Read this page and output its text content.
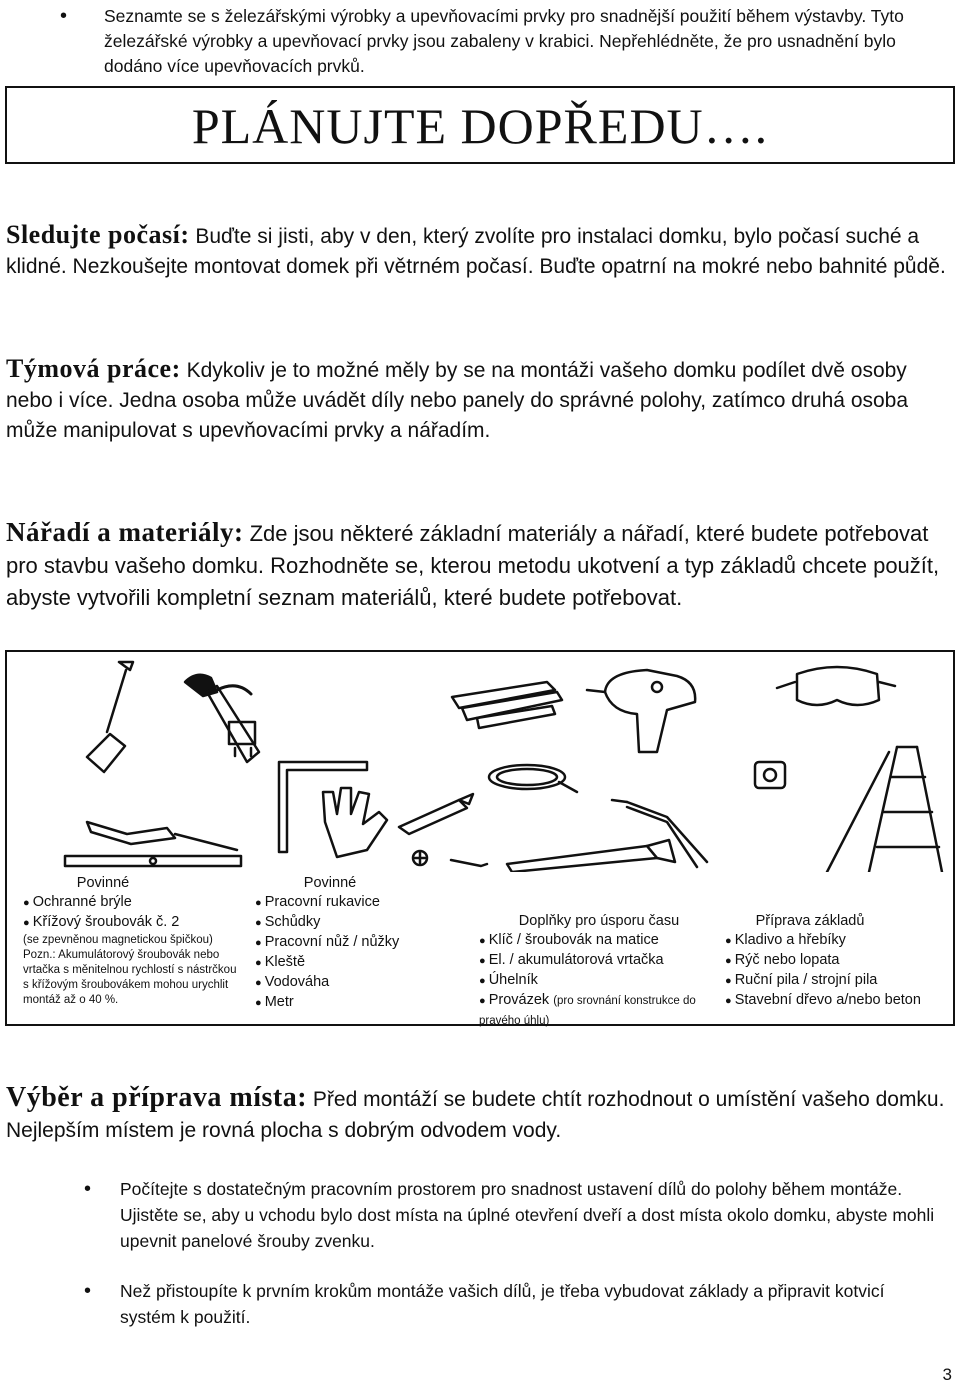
• Seznamte se s železářskými výrobky a upevňovacími prvky pro snadnější použití během výstavby. Tyto železářské výrobky a upevňovací prvky jsou zabaleny v krabici. Nepřehlédněte, že pro usnadnění bylo dodáno více upevňovacích prvků.
PLÁNUJTE DOPŘEDU….
Sledujte počasí: Buďte si jisti, aby v den, který zvolíte pro instalaci domku, bylo počasí suché a klidné. Nezkoušejte montovat domek při větrném počasí. Buďte opatrní na mokré nebo bahnité půdě.
Týmová práce: Kdykoliv je to možné měly by se na montáži vašeho domku podílet dvě osoby nebo i více. Jedna osoba může uvádět díly nebo panely do správné polohy, zatímco druhá osoba může manipulovat s upevňovacími prvky a nářadím.
Nářadí a materiály: Zde jsou některé základní materiály a nářadí, které budete potřebovat pro stavbu vašeho domku. Rozhodněte se, kterou metodu ukotvení a typ základů chcete použít, abyste vytvořili kompletní seznam materiálů, které budete potřebovat.
Povinné
● Ochranné brýle
● Křížový šroubovák č. 2
(se zpevněnou magnetickou špičkou)
Pozn.: Akumulátorový šroubovák nebo vrtačka s měnitelnou rychlostí s nástrčkou s křížovým šroubovákem mohou urychlit montáž až o 40 %.
Povinné
● Pracovní rukavice
● Schůdky
● Pracovní nůž / nůžky
● Kleště
● Vodováha
● Metr
Doplňky pro úsporu času
● Klíč / šroubovák na matice
● El. / akumulátorová vrtačka
● Úhelník
● Provázek (pro srovnání konstrukce do pravého úhlu)
Příprava základů
● Kladivo a hřebíky
● Rýč nebo lopata
● Ruční pila / strojní pila
● Stavební dřevo a/nebo beton
Výběr a příprava místa: Před montáží se budete chtít rozhodnout o umístění vašeho domku. Nejlepším místem je rovná plocha s dobrým odvodem vody.
• Počítejte s dostatečným pracovním prostorem pro snadnost ustavení dílů do polohy během montáže. Ujistěte se, aby u vchodu bylo dost místa na úplné otevření dveří a dost místa okolo domku, abyste mohli upevnit panelové šrouby zvenku.
• Než přistoupíte k prvním krokům montáže vašich dílů, je třeba vybudovat základy a připravit kotvicí systém k použití.
3
